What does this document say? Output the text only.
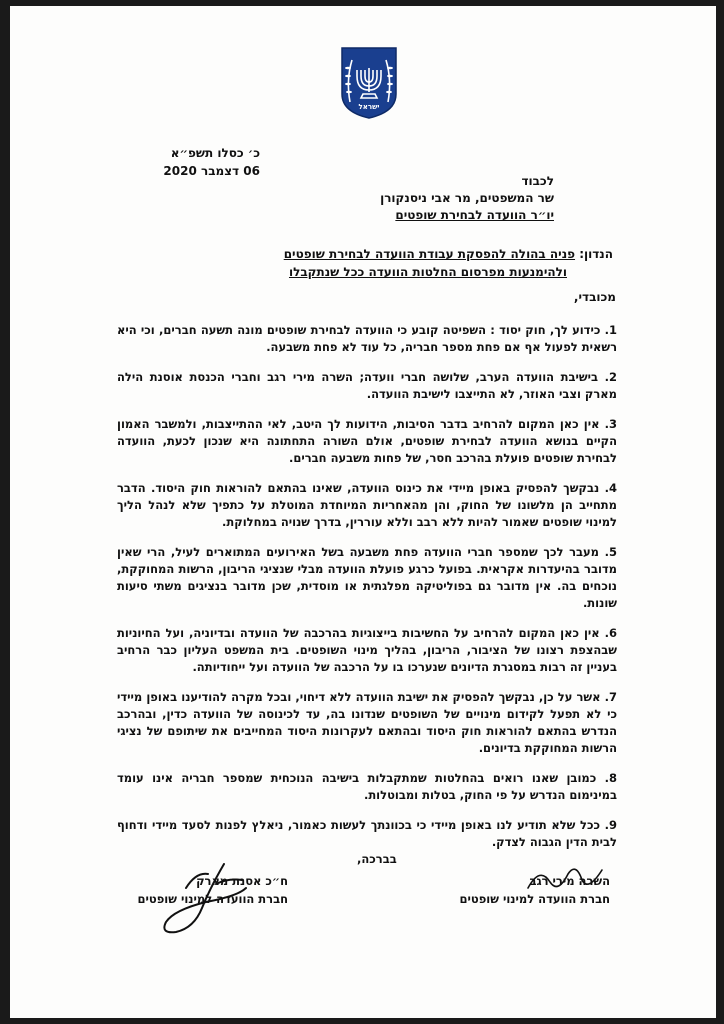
ישראל
כ׳ כסלו תשפ״א
06 דצמבר 2020
לכבוד
שר המשפטים, מר אבי ניסנקורן
יו״ר הוועדה לבחירת שופטים
הנדון: פניה בהולה להפסקת עבודת הוועדה לבחירת שופטים
ולהימנעות מפרסום החלטות הוועדה ככל שנתקבלו
מכובדי,

1. כידוע לך, חוק יסוד : השפיטה קובע כי הוועדה לבחירת שופטים מונה תשעה חברים, וכי היא רשאית לפעול אף אם פחת מספר חבריה, כל עוד לא פחת משבעה.

2. בישיבת הוועדה הערב, שלושה חברי וועדה; השרה מירי רגב וחברי הכנסת אוסנת הילה מארק וצבי האוזר, לא התייצבו לישיבת הוועדה.

3. אין כאן המקום להרחיב בדבר הסיבות, הידועות לך היטב, לאי ההתייצבות, ולמשבר האמון הקיים בנושא הוועדה לבחירת שופטים, אולם השורה התחתונה היא שנכון לכעת, הוועדה לבחירת שופטים פועלת בהרכב חסר, של פחות משבעה חברים.

4. נבקשך להפסיק באופן מיידי את כינוס הוועדה, שאינו בהתאם להוראות חוק היסוד. הדבר מתחייב הן מלשונו של החוק, והן מהאחריות המיוחדת המוטלת על כתפיך שלא לנהל הליך למינוי שופטים שאמור להיות ללא רבב וללא עוררין, בדרך שנויה במחלוקת.

5. מעבר לכך שמספר חברי הוועדה פחת משבעה בשל האירועים המתוארים לעיל, הרי שאין מדובר בהיעדרות אקראית. בפועל כרגע פועלת הוועדה מבלי שנציגי הריבון, הרשות המחוקקת, נוכחים בה. אין מדובר גם בפוליטיקה מפלגתית או מוסדית, שכן מדובר בנציגים משתי סיעות שונות.

6. אין כאן המקום להרחיב על החשיבות בייצוגיות בהרכבה של הוועדה ובדיוניה, ועל החיוניות שבהצפת רצונו של הציבור, הריבון, בהליך מינוי השופטים. בית המשפט העליון כבר הרחיב בעניין זה רבות במסגרת הדיונים שנערכו בו על הרכבה של הוועדה ועל ייחודיותה.

7. אשר על כן, נבקשך להפסיק את ישיבת הוועדה ללא דיחוי, ובכל מקרה להודיענו באופן מיידי כי לא תפעל לקידום מינויים של השופטים שנדונו בה, עד לכינוסה של הוועדה כדין, ובהרכב הנדרש בהתאם להוראות חוק היסוד ובהתאם לעקרונות היסוד המחייבים את שיתופם של נציגי הרשות המחוקקת בדיונים.

8. כמובן שאנו רואים בהחלטות שמתקבלות בישיבה הנוכחית שמספר חבריה אינו עומד במינימום הנדרש על פי החוק, בטלות ומבוטלות.

9. ככל שלא תודיע לנו באופן מיידי כי בכוונתך לעשות כאמור, ניאלץ לפנות לסעד מיידי ודחוף לבית הדין הגבוה לצדק.

בברכה,
ח״כ אסנת מארק
חברת הוועדה למינוי שופטים
השרה מירי רגב
חברת הוועדה למינוי שופטים
